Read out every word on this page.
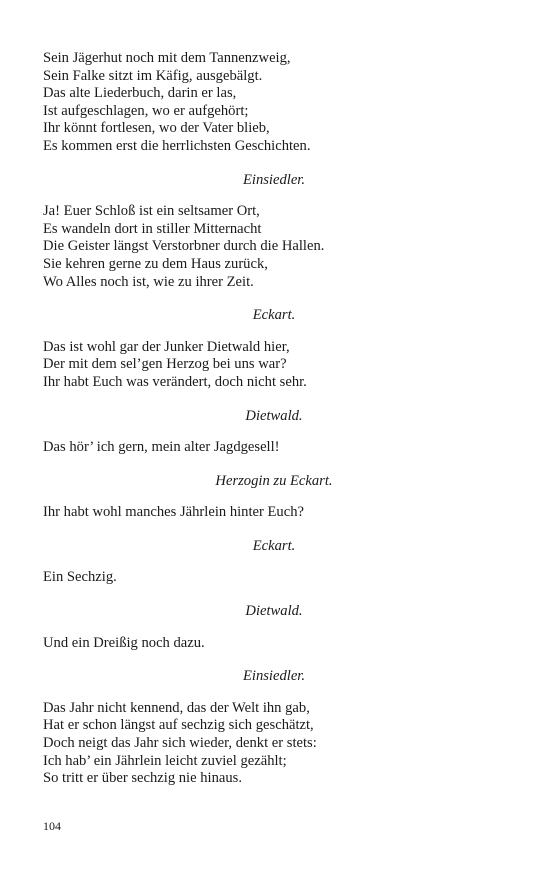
Sein Jägerhut noch mit dem Tannenzweig,
Sein Falke sitzt im Käfig, ausgebälgt.
Das alte Liederbuch, darin er las,
Ist aufgeschlagen, wo er aufgehört;
Ihr könnt fortlesen, wo der Vater blieb,
Es kommen erst die herrlichsten Geschichten.
Einsiedler.
Ja! Euer Schloß ist ein seltsamer Ort,
Es wandeln dort in stiller Mitternacht
Die Geister längst Verstorbner durch die Hallen.
Sie kehren gerne zu dem Haus zurück,
Wo Alles noch ist, wie zu ihrer Zeit.
Eckart.
Das ist wohl gar der Junker Dietwald hier,
Der mit dem sel’gen Herzog bei uns war?
Ihr habt Euch was verändert, doch nicht sehr.
Dietwald.
Das hör’ ich gern, mein alter Jagdgesell!
Herzogin zu Eckart.
Ihr habt wohl manches Jährlein hinter Euch?
Eckart.
Ein Sechzig.
Dietwald.
Und ein Dreißig noch dazu.
Einsiedler.
Das Jahr nicht kennend, das der Welt ihn gab,
Hat er schon längst auf sechzig sich geschätzt,
Doch neigt das Jahr sich wieder, denkt er stets:
Ich hab’ ein Jährlein leicht zuviel gezählt;
So tritt er über sechzig nie hinaus.
104
